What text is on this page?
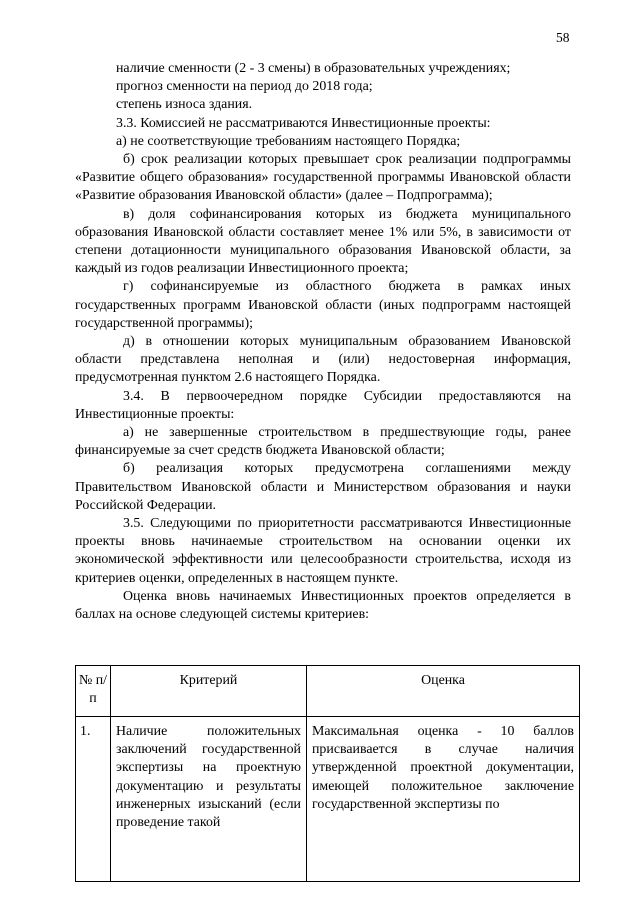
58

наличие сменности (2 - 3 смены) в образовательных учреждениях;

прогноз сменности на период до 2018 года;

степень износа здания.

3.3. Комиссией не рассматриваются Инвестиционные проекты:

а) не соответствующие требованиям настоящего Порядка;

б) срок реализации которых превышает срок реализации подпрограммы «Развитие общего образования» государственной программы Ивановской области «Развитие образования Ивановской области» (далее – Подпрограмма);

в) доля софинансирования которых из бюджета муниципального образования Ивановской области составляет менее 1% или 5%, в зависимости от степени дотационности муниципального образования Ивановской области, за каждый из годов реализации Инвестиционного проекта;

г) софинансируемые из областного бюджета в рамках иных государственных программ Ивановской области (иных подпрограмм настоящей государственной программы);

д) в отношении которых муниципальным образованием Ивановской области представлена неполная и (или) недостоверная информация, предусмотренная пунктом 2.6 настоящего Порядка.

3.4. В первоочередном порядке Субсидии предоставляются на Инвестиционные проекты:

а) не завершенные строительством в предшествующие годы, ранее финансируемые за счет средств бюджета Ивановской области;

б) реализация которых предусмотрена соглашениями между Правительством Ивановской области и Министерством образования и науки Российской Федерации.

3.5. Следующими по приоритетности рассматриваются Инвестиционные проекты вновь начинаемые строительством на основании оценки их экономической эффективности или целесообразности строительства, исходя из критериев оценки, определенных в настоящем пункте.

Оценка вновь начинаемых Инвестиционных проектов определяется в баллах на основе следующей системы критериев:

№ п/п	Критерий	Оценка

1.	Наличие положительных заключений государственной экспертизы на проектную документацию и результаты инженерных изысканий (если проведение такой	Максимальная оценка - 10 баллов присваивается в случае наличия утвержденной проектной документации, имеющей положительное заключение государственной экспертизы по
